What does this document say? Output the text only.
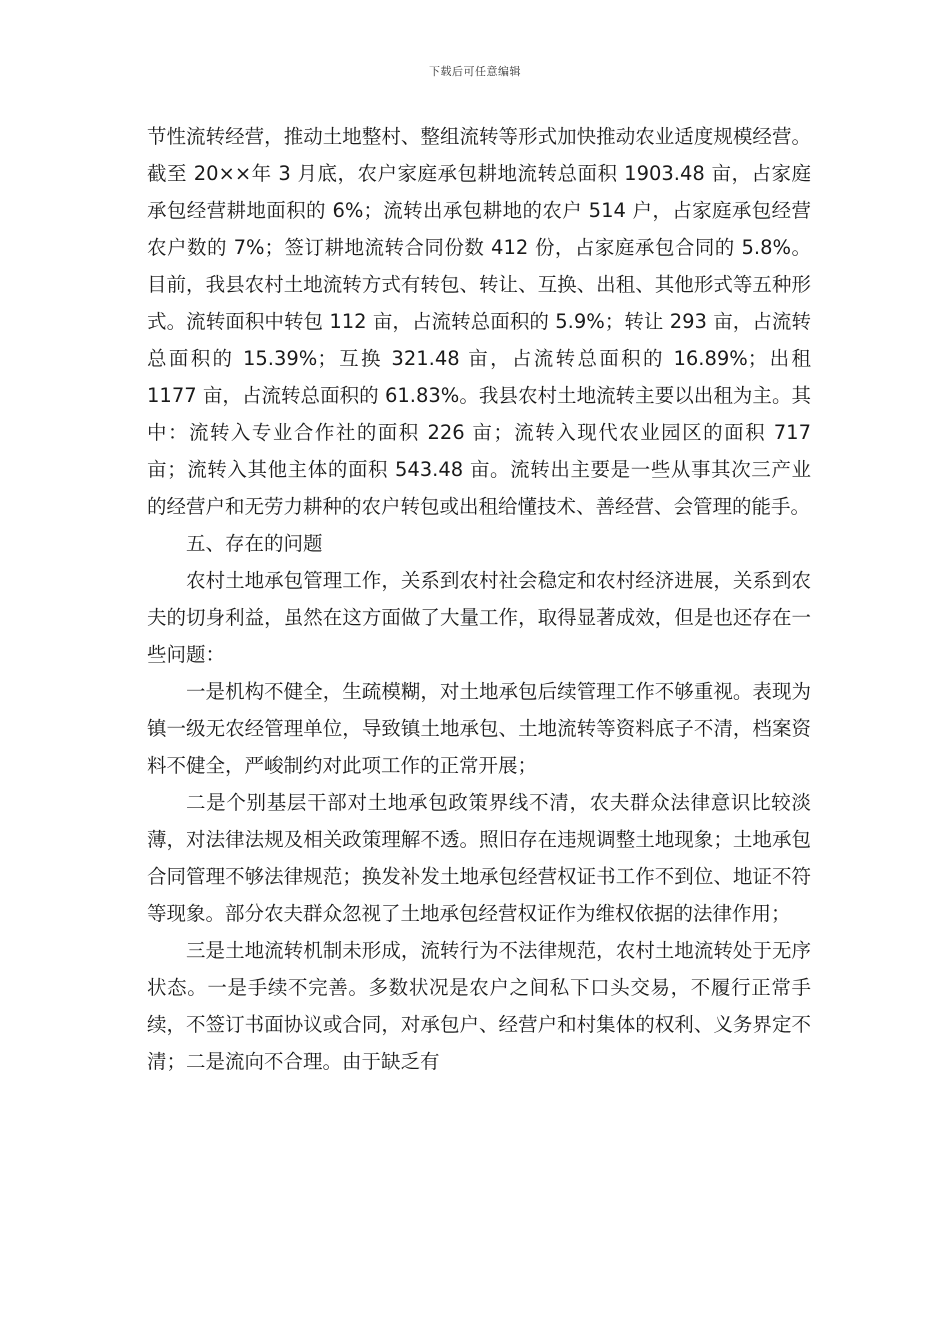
下载后可任意编辑

节性流转经营，推动土地整村、整组流转等形式加快推动农业适度规模经营。截至 20××年 3 月底，农户家庭承包耕地流转总面积 1903.48 亩，占家庭承包经营耕地面积的 6%；流转出承包耕地的农户 514 户，占家庭承包经营农户数的 7%；签订耕地流转合同份数 412 份，占家庭承包合同的 5.8%。目前，我县农村土地流转方式有转包、转让、互换、出租、其他形式等五种形式。流转面积中转包 112 亩，占流转总面积的 5.9%；转让 293 亩，占流转总面积的 15.39%；互换 321.48 亩，占流转总面积的 16.89%；出租 1177 亩，占流转总面积的 61.83%。我县农村土地流转主要以出租为主。其中：流转入专业合作社的面积 226 亩；流转入现代农业园区的面积 717 亩；流转入其他主体的面积 543.48 亩。流转出主要是一些从事其次三产业的经营户和无劳力耕种的农户转包或出租给懂技术、善经营、会管理的能手。

五、存在的问题

农村土地承包管理工作，关系到农村社会稳定和农村经济进展，关系到农夫的切身利益，虽然在这方面做了大量工作，取得显著成效，但是也还存在一些问题：

一是机构不健全，生疏模糊，对土地承包后续管理工作不够重视。表现为镇一级无农经管理单位，导致镇土地承包、土地流转等资料底子不清，档案资料不健全，严峻制约对此项工作的正常开展；

二是个别基层干部对土地承包政策界线不清，农夫群众法律意识比较淡薄，对法律法规及相关政策理解不透。照旧存在违规调整土地现象；土地承包合同管理不够法律规范；换发补发土地承包经营权证书工作不到位、地证不符等现象。部分农夫群众忽视了土地承包经营权证作为维权依据的法律作用；

三是土地流转机制未形成，流转行为不法律规范，农村土地流转处于无序状态。一是手续不完善。多数状况是农户之间私下口头交易，不履行正常手续，不签订书面协议或合同，对承包户、经营户和村集体的权利、义务界定不清；二是流向不合理。由于缺乏有
